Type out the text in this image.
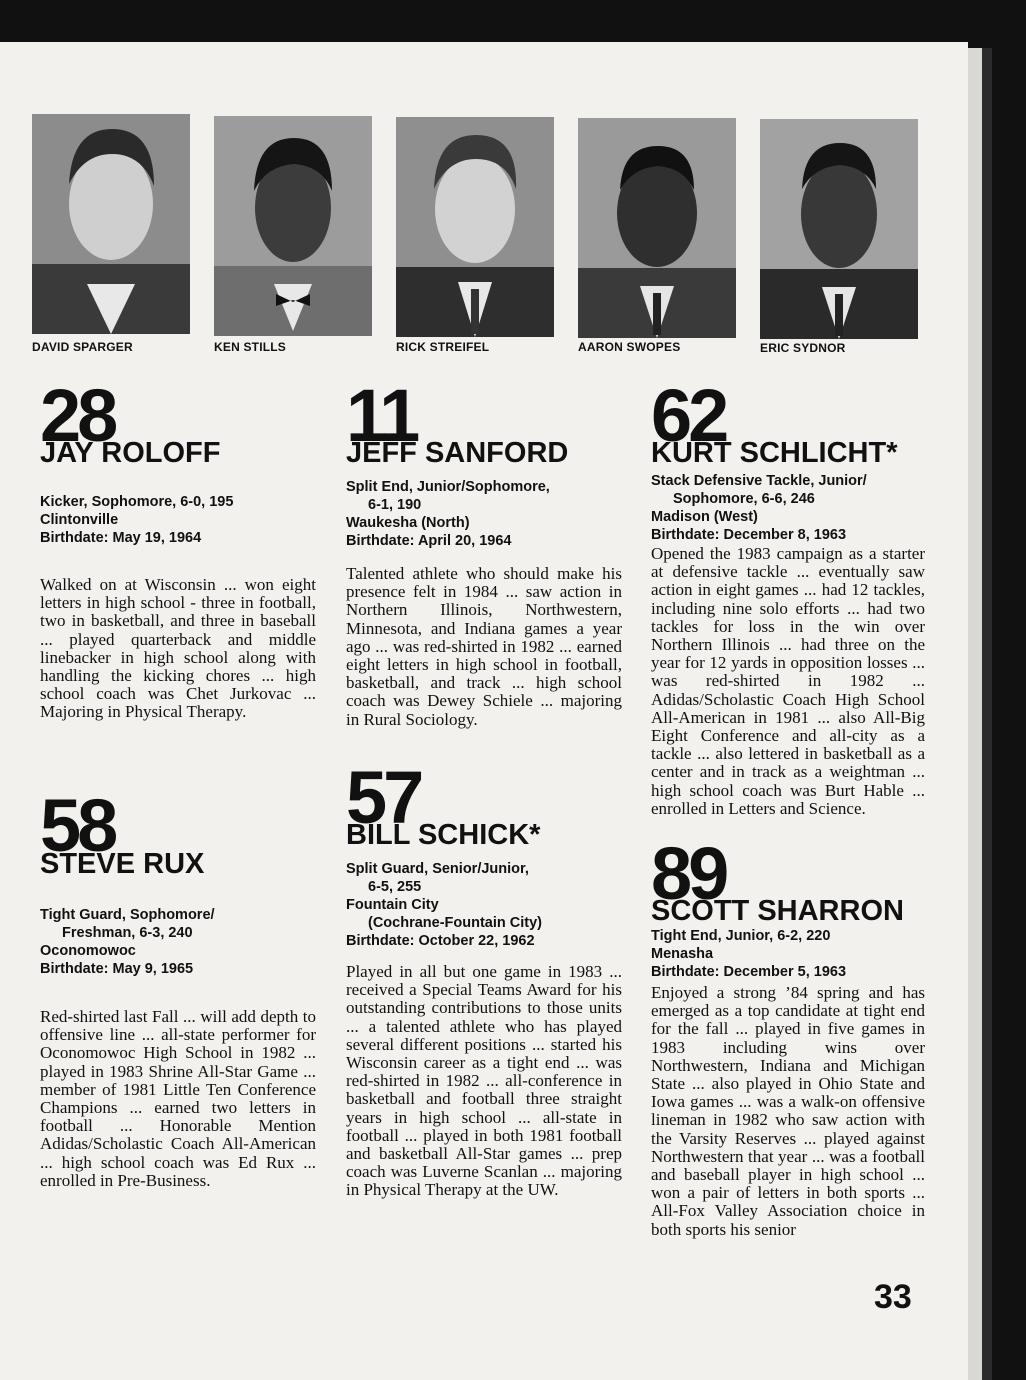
DAVID SPARGER	KEN STILLS	RICK STREIFEL	AARON SWOPES	ERIC SYDNOR
28
JAY ROLOFF
Kicker, Sophomore, 6-0, 195
Clintonville
Birthdate: May 19, 1964
Walked on at Wisconsin ... won eight letters in high school - three in football, two in basketball, and three in baseball ... played quarterback and middle linebacker in high school along with handling the kicking chores ... high school coach was Chet Jurkovac ... Majoring in Physical Therapy.
58
STEVE RUX
Tight Guard, Sophomore/
Freshman, 6-3, 240
Oconomowoc
Birthdate: May 9, 1965
Red-shirted last Fall ... will add depth to offensive line ... all-state performer for Oconomowoc High School in 1982 ... played in 1983 Shrine All-Star Game ... member of 1981 Little Ten Conference Champions ... earned two letters in football ... Honorable Mention Adidas/Scholastic Coach All-American ... high school coach was Ed Rux ... enrolled in Pre-Business.
11
JEFF SANFORD
Split End, Junior/Sophomore,
6-1, 190
Waukesha (North)
Birthdate: April 20, 1964
Talented athlete who should make his presence felt in 1984 ... saw action in Northern Illinois, Northwestern, Minnesota, and Indiana games a year ago ... was red-shirted in 1982 ... earned eight letters in high school in football, basketball, and track ... high school coach was Dewey Schiele ... majoring in Rural Sociology.
57
BILL SCHICK*
Split Guard, Senior/Junior,
6-5, 255
Fountain City
(Cochrane-Fountain City)
Birthdate: October 22, 1962
Played in all but one game in 1983 ... received a Special Teams Award for his outstanding contributions to those units ... a talented athlete who has played several different positions ... started his Wisconsin career as a tight end ... was red-shirted in 1982 ... all-conference in basketball and football three straight years in high school ... all-state in football ... played in both 1981 football and basketball All-Star games ... prep coach was Luverne Scanlan ... majoring in Physical Therapy at the UW.
62
KURT SCHLICHT*
Stack Defensive Tackle, Junior/
Sophomore, 6-6, 246
Madison (West)
Birthdate: December 8, 1963
Opened the 1983 campaign as a starter at defensive tackle ... eventually saw action in eight games ... had 12 tackles, including nine solo efforts ... had two tackles for loss in the win over Northern Illinois ... had three on the year for 12 yards in opposition losses ... was red-shirted in 1982 ... Adidas/Scholastic Coach High School All-American in 1981 ... also All-Big Eight Conference and all-city as a tackle ... also lettered in basketball as a center and in track as a weightman ... high school coach was Burt Hable ... enrolled in Letters and Science.
89
SCOTT SHARRON
Tight End, Junior, 6-2, 220
Menasha
Birthdate: December 5, 1963
Enjoyed a strong ’84 spring and has emerged as a top candidate at tight end for the fall ... played in five games in 1983 including wins over Northwestern, Indiana and Michigan State ... also played in Ohio State and Iowa games ... was a walk-on offensive lineman in 1982 who saw action with the Varsity Reserves ... played against Northwestern that year ... was a football and baseball player in high school ... won a pair of letters in both sports ... All-Fox Valley Association choice in both sports his senior
33
